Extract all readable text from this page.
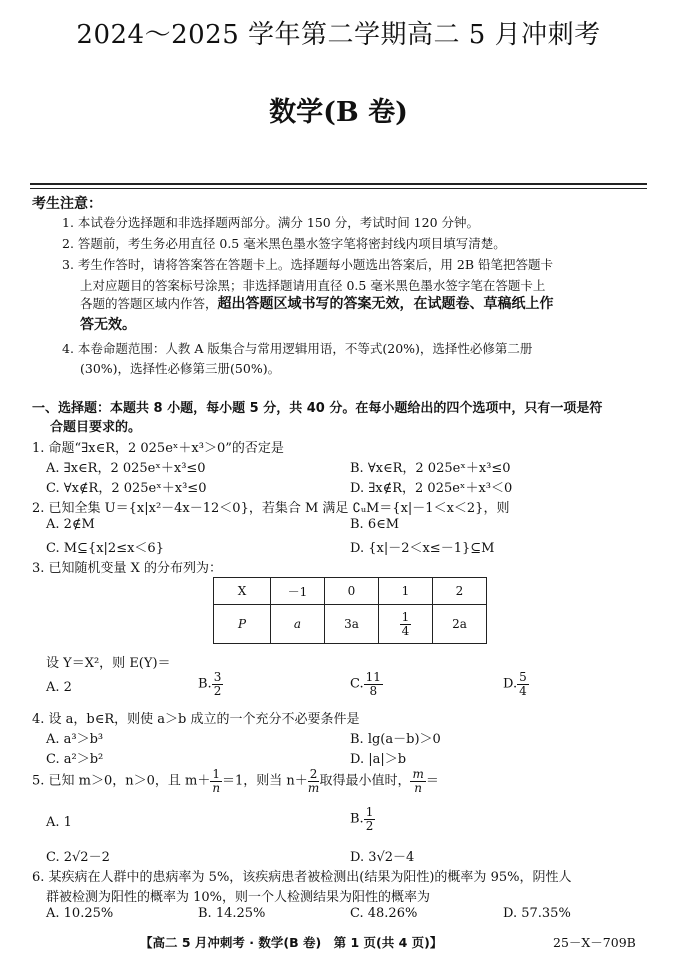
2024～2025 学年第二学期高二 5 月冲刺考
数学(B 卷)
考生注意：
1. 本试卷分选择题和非选择题两部分。满分 150 分，考试时间 120 分钟。
2. 答题前，考生务必用直径 0.5 毫米黑色墨水签字笔将密封线内项目填写清楚。
3. 考生作答时，请将答案答在答题卡上。选择题每小题选出答案后，用 2B 铅笔把答题卡
上对应题目的答案标号涂黑；非选择题请用直径 0.5 毫米黑色墨水签字笔在答题卡上
各题的答题区域内作答，超出答题区域书写的答案无效，在试题卷、草稿纸上作
答无效。
4. 本卷命题范围：人教 A 版集合与常用逻辑用语，不等式(20%)，选择性必修第二册
(30%)，选择性必修第三册(50%)。
一、选择题：本题共 8 小题，每小题 5 分，共 40 分。在每小题给出的四个选项中，只有一项是符
合题目要求的。
1. 命题“∃x∈R，2 025eˣ＋x³＞0”的否定是
A. ∃x∈R，2 025eˣ＋x³≤0	B. ∀x∈R，2 025eˣ＋x³≤0
C. ∀x∉R，2 025eˣ＋x³≤0	D. ∃x∉R，2 025eˣ＋x³＜0
2. 已知全集 U＝{x|x²－4x－12＜0}，若集合 M 满足 ∁ᵤM＝{x|－1＜x＜2}，则
A. 2∉M	B. 6∈M
C. M⊆{x|2≤x＜6}	D. {x|－2＜x≤－1}⊆M
3. 已知随机变量 X 的分布列为：
X	－1	0	1	2
P	a	3a	$\frac{1}{4}$	2a
设 Y＝X²，则 E(Y)＝
A. 2	B. $\frac{3}{2}$	C. $\frac{11}{8}$	D. $\frac{5}{4}$
4. 设 a，b∈R，则使 a＞b 成立的一个充分不必要条件是
A. a³＞b³	B. lg(a－b)＞0
C. a²＞b²	D. |a|＞b
5. 已知 m＞0，n＞0，且 $m+ \frac{1}{n} =1$，则当 $n+ \frac{2}{m}$ 取得最小值时， $\frac{m}{n}$ ＝
A. 1	B. $\frac{1}{2}$
C. 2√2－2	D. 3√2－4
6. 某疾病在人群中的患病率为 5%，该疾病患者被检测出(结果为阳性)的概率为 95%，阴性人
群被检测为阳性的概率为 10%，则一个人检测结果为阳性的概率为
A. 10.25%	B. 14.25%	C. 48.26%	D. 57.35%
【高二 5 月冲刺考 · 数学(B 卷)　第 1 页(共 4 页)】	25－X－709B
